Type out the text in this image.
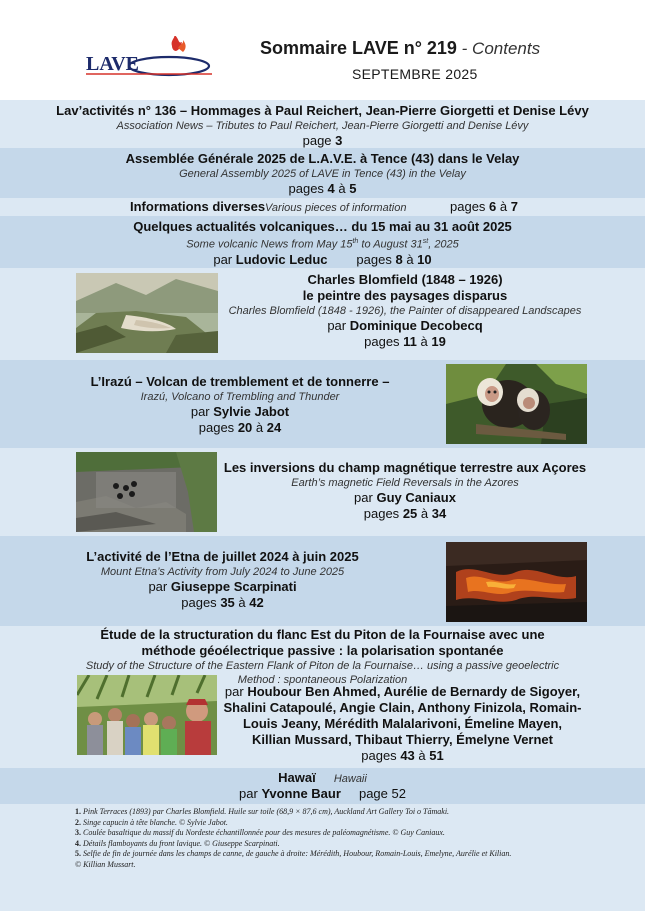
LAVE
Sommaire LAVE n° 219 - Contents
SEPTEMBRE 2025
Lav’activités n° 136 – Hommages à Paul Reichert, Jean-Pierre Giorgetti et Denise Lévy
Association News – Tributes to Paul Reichert, Jean-Pierre Giorgetti and Denise Lévy
page 3
Assemblée Générale 2025 de L.A.V.E. à Tence (43) dans le Velay
General Assembly 2025 of LAVE in Tence (43) in the Velay
pages 4 à 5
Informations diverses Various pieces of information	pages 6 à 7
Quelques actualités volcaniques… du 15 mai au 31 août 2025
Some volcanic News from May 15th to August 31st, 2025
par Ludovic Leduc pages 8 à 10
Charles Blomfield (1848 – 1926)
le peintre des paysages disparus
Charles Blomfield (1848 - 1926), the Painter of disappeared Landscapes
par Dominique Decobecq
pages 11 à 19
L’Irazú – Volcan de tremblement et de tonnerre –
Irazú, Volcano of Trembling and Thunder
par Sylvie Jabot
pages 20 à 24
Les inversions du champ magnétique terrestre aux Açores
Earth’s magnetic Field Reversals in the Azores
par Guy Caniaux
pages 25 à 34
L’activité de l’Etna de juillet 2024 à juin 2025
Mount Etna’s Activity from July 2024 to June 2025
par Giuseppe Scarpinati
pages 35 à 42
Étude de la structuration du flanc Est du Piton de la Fournaise avec une
méthode géoélectrique passive : la polarisation spontanée
Study of the Structure of the Eastern Flank of Piton de la Fournaise… using a passive geoelectric
Method : spontaneous Polarization
par Houbour Ben Ahmed, Aurélie de Bernardy de Sigoyer,
Shalini Catapoulé, Angie Clain, Anthony Finizola, Romain-
Louis Jeany, Mérédith Malalarivoni, Émeline Mayen,
Killian Mussard, Thibaut Thierry, Émelyne Vernet
pages 43 à 51
Hawaï Hawaii
par Yvonne Baur page 52
1. Pink Terraces (1893) par Charles Blomfield. Huile sur toile (68,9 × 87,6 cm), Auckland Art Gallery Toi o Tāmaki.
2. Singe capucin à tête blanche. © Sylvie Jabot.
3. Coulée basaltique du massif du Nordeste échantillonnée pour des mesures de paléomagnétisme. © Guy Caniaux.
4. Détails flamboyants du front lavique. © Giuseppe Scarpinati.
5. Selfie de fin de journée dans les champs de canne, de gauche à droite: Mérédith, Houbour, Romain-Louis, Emelyne, Aurélie et Kilian.
© Killian Mussart.
